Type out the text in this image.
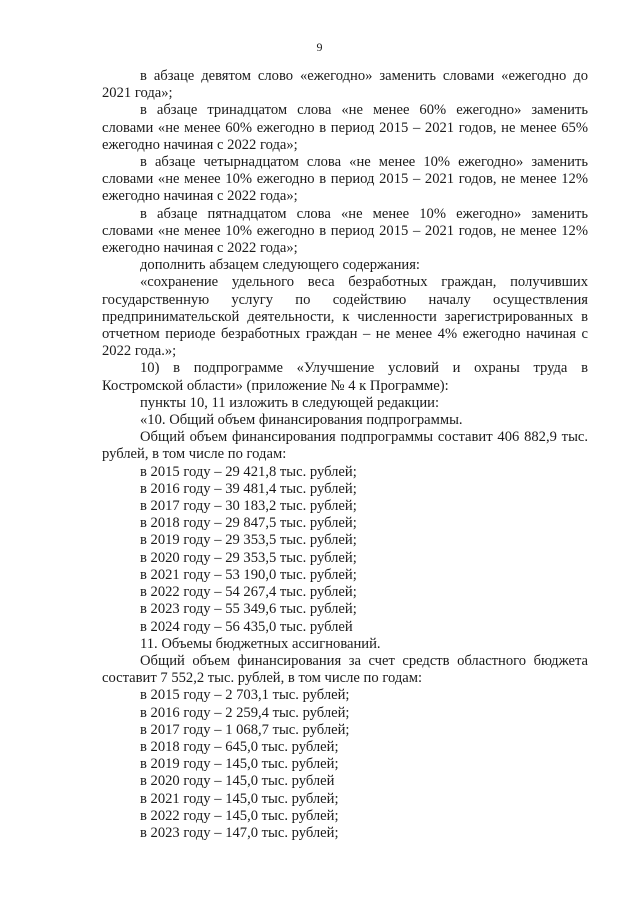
9

в абзаце девятом слово «ежегодно» заменить словами «ежегодно до 2021 года»;

в абзаце тринадцатом слова «не менее 60% ежегодно» заменить словами «не менее 60% ежегодно в период 2015 – 2021 годов, не менее 65% ежегодно начиная с 2022 года»;

в абзаце четырнадцатом слова «не менее 10% ежегодно» заменить словами «не менее 10% ежегодно в период 2015 – 2021 годов, не менее 12% ежегодно начиная с 2022 года»;

в абзаце пятнадцатом слова «не менее 10% ежегодно» заменить словами «не менее 10% ежегодно в период 2015 – 2021 годов, не менее 12% ежегодно начиная с 2022 года»;

дополнить абзацем следующего содержания:

«сохранение удельного веса безработных граждан, получивших государственную услугу по содействию началу осуществления предпринимательской деятельности, к численности зарегистрированных в отчетном периоде безработных граждан – не менее 4% ежегодно начиная с 2022 года.»;

10) в подпрограмме «Улучшение условий и охраны труда в Костромской области» (приложение № 4 к Программе):

пункты 10, 11 изложить в следующей редакции:

«10. Общий объем финансирования подпрограммы.

Общий объем финансирования подпрограммы составит 406 882,9 тыс. рублей, в том числе по годам:

в 2015 году – 29 421,8 тыс. рублей;

в 2016 году – 39 481,4 тыс. рублей;

в 2017 году – 30 183,2 тыс. рублей;

в 2018 году – 29 847,5 тыс. рублей;

в 2019 году – 29 353,5 тыс. рублей;

в 2020 году – 29 353,5 тыс. рублей;

в 2021 году – 53 190,0 тыс. рублей;

в 2022 году – 54 267,4 тыс. рублей;

в 2023 году – 55 349,6 тыс. рублей;

в 2024 году – 56 435,0 тыс. рублей

11. Объемы бюджетных ассигнований.

Общий объем финансирования за счет средств областного бюджета составит 7 552,2 тыс. рублей, в том числе по годам:

в 2015 году – 2 703,1 тыс. рублей;

в 2016 году – 2 259,4 тыс. рублей;

в 2017 году – 1 068,7 тыс. рублей;

в 2018 году – 645,0 тыс. рублей;

в 2019 году – 145,0 тыс. рублей;

в 2020 году – 145,0 тыс. рублей

в 2021 году – 145,0 тыс. рублей;

в 2022 году – 145,0 тыс. рублей;

в 2023 году – 147,0 тыс. рублей;
